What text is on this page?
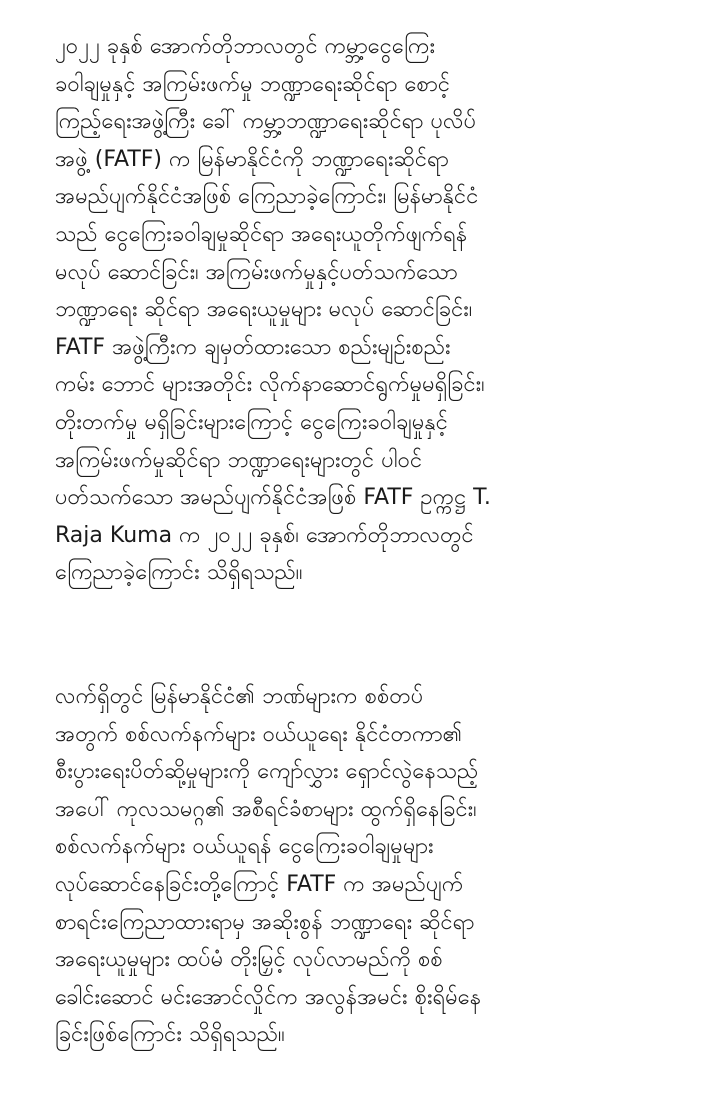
၂၀၂၂ ခုနှစ် အောက်တိုဘာလတွင် ကမ္ဘာ့ငွေကြေး
ခဝါချမှုနှင့် အကြမ်းဖက်မှု ဘဏ္ဍာရေးဆိုင်ရာ စောင့်
ကြည့်ရေးအဖွဲ့ကြီး ခေါ် ကမ္ဘာ့ဘဏ္ဍာရေးဆိုင်ရာ ပုလိပ်
အဖွဲ့ (FATF) က မြန်မာနိုင်ငံကို ဘဏ္ဍာရေးဆိုင်ရာ
အမည်ပျက်နိုင်ငံအဖြစ် ကြေညာခဲ့ကြောင်း၊ မြန်မာနိုင်ငံ
သည် ငွေကြေးခဝါချမှုဆိုင်ရာ အရေးယူတိုက်ဖျက်ရန်
မလုပ် ဆောင်ခြင်း၊ အကြမ်းဖက်မှုနှင့်ပတ်သက်သော
ဘဏ္ဍာရေး ဆိုင်ရာ အရေးယူမှုများ မလုပ် ဆောင်ခြင်း၊
FATF အဖွဲ့ကြီးက ချမှတ်ထားသော စည်းမျဉ်းစည်း
ကမ်း ဘောင် များအတိုင်း လိုက်နာဆောင်ရွက်မှုမရှိခြင်း၊
တိုးတက်မှု မရှိခြင်းများကြောင့် ငွေကြေးခဝါချမှုနှင့်
အကြမ်းဖက်မှုဆိုင်ရာ ဘဏ္ဍာရေးများတွင် ပါဝင်
ပတ်သက်သော အမည်ပျက်နိုင်ငံအဖြစ် FATF ဥက္ကဋ္ဌ T.
Raja Kuma က ၂၀၂၂ ခုနှစ်၊ အောက်တိုဘာလတွင်
ကြေညာခဲ့ကြောင်း သိရှိရသည်။
လက်ရှိတွင် မြန်မာနိုင်ငံ၏ ဘဏ်များက စစ်တပ်
အတွက် စစ်လက်နက်များ ဝယ်ယူရေး နိုင်ငံတကာ၏
စီးပွားရေးပိတ်ဆို့မှုများကို ကျော်လွှား ရှောင်လွဲနေသည့်
အပေါ် ကုလသမဂ္ဂ၏ အစီရင်ခံစာများ ထွက်ရှိနေခြင်း၊
စစ်လက်နက်များ ဝယ်ယူရန် ငွေကြေးခဝါချမှုများ
လုပ်ဆောင်နေခြင်းတို့ကြောင့် FATF က အမည်ပျက်
စာရင်းကြေညာထားရာမှ အဆိုးစွန် ဘဏ္ဍာရေး ဆိုင်ရာ
အရေးယူမှုများ ထပ်မံ တိုးမြှင့် လုပ်လာမည်ကို စစ်
ခေါင်းဆောင် မင်းအောင်လှိုင်က အလွန်အမင်း စိုးရိမ်နေ
ခြင်းဖြစ်ကြောင်း သိရှိရသည်။
